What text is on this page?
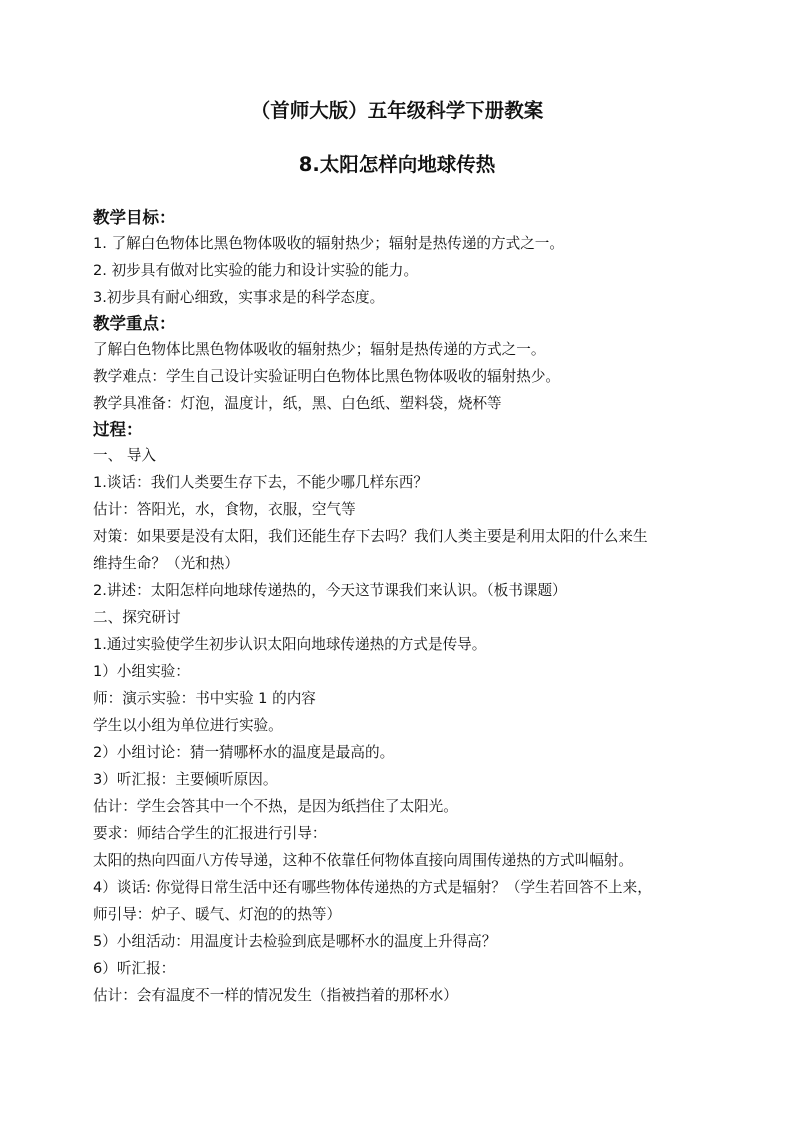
（首师大版）五年级科学下册教案
8.太阳怎样向地球传热
教学目标：
1. 了解白色物体比黑色物体吸收的辐射热少；辐射是热传递的方式之一。
2. 初步具有做对比实验的能力和设计实验的能力。
3.初步具有耐心细致，实事求是的科学态度。
教学重点：
了解白色物体比黑色物体吸收的辐射热少；辐射是热传递的方式之一。
教学难点：学生自己设计实验证明白色物体比黑色物体吸收的辐射热少。
教学具准备：灯泡，温度计，纸，黑、白色纸、塑料袋，烧杯等
过程：
一、 导入
1.谈话：我们人类要生存下去，不能少哪几样东西？
估计：答阳光，水，食物，衣服，空气等
对策：如果要是没有太阳，我们还能生存下去吗？我们人类主要是利用太阳的什么来生
维持生命？（光和热）
2.讲述：太阳怎样向地球传递热的，今天这节课我们来认识。（板书课题）
二、探究研讨
1.通过实验使学生初步认识太阳向地球传递热的方式是传导。
1）小组实验：
师：演示实验：书中实验 1 的内容
学生以小组为单位进行实验。
2）小组讨论：猜一猜哪杯水的温度是最高的。
3）听汇报：主要倾听原因。
估计：学生会答其中一个不热，是因为纸挡住了太阳光。
要求：师结合学生的汇报进行引导：
太阳的热向四面八方传导递，这种不依靠任何物体直接向周围传递热的方式叫幅射。
4）谈话: 你觉得日常生活中还有哪些物体传递热的方式是辐射？（学生若回答不上来，
师引导：炉子、暖气、灯泡的的热等）
5）小组活动：用温度计去检验到底是哪杯水的温度上升得高？
6）听汇报：
估计：会有温度不一样的情况发生（指被挡着的那杯水）
